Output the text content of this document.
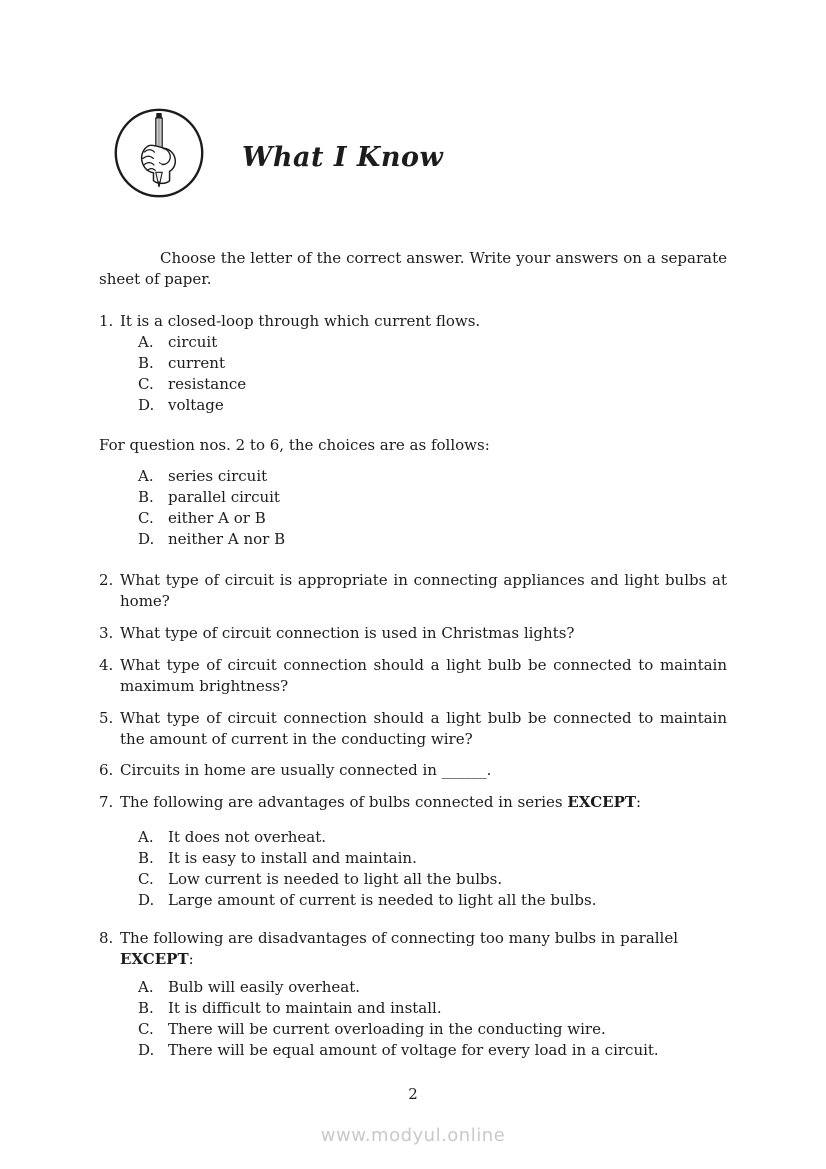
What I Know

Choose the letter of the correct answer. Write your answers on a separate sheet of paper.

1. It is a closed-loop through which current flows.

A. circuit
B. current
C. resistance
D. voltage

For question nos. 2 to 6, the choices are as follows:

A. series circuit
B. parallel circuit
C. either A or B
D. neither A nor B

2. What type of circuit is appropriate in connecting appliances and light bulbs at home?

3. What type of circuit connection is used in Christmas lights?

4. What type of circuit connection should a light bulb be connected to maintain maximum brightness?

5. What type of circuit connection should a light bulb be connected to maintain the amount of current in the conducting wire?

6. Circuits in home are usually connected in ______.

7. The following are advantages of bulbs connected in series EXCEPT:

A. It does not overheat.
B. It is easy to install and maintain.
C. Low current is needed to light all the bulbs.
D. Large amount of current is needed to light all the bulbs.

8. The following are disadvantages of connecting too many bulbs in parallel
EXCEPT:

A. Bulb will easily overheat.
B. It is difficult to maintain and install.
C. There will be current overloading in the conducting wire.
D. There will be equal amount of voltage for every load in a circuit.
2
www.modyul.online
